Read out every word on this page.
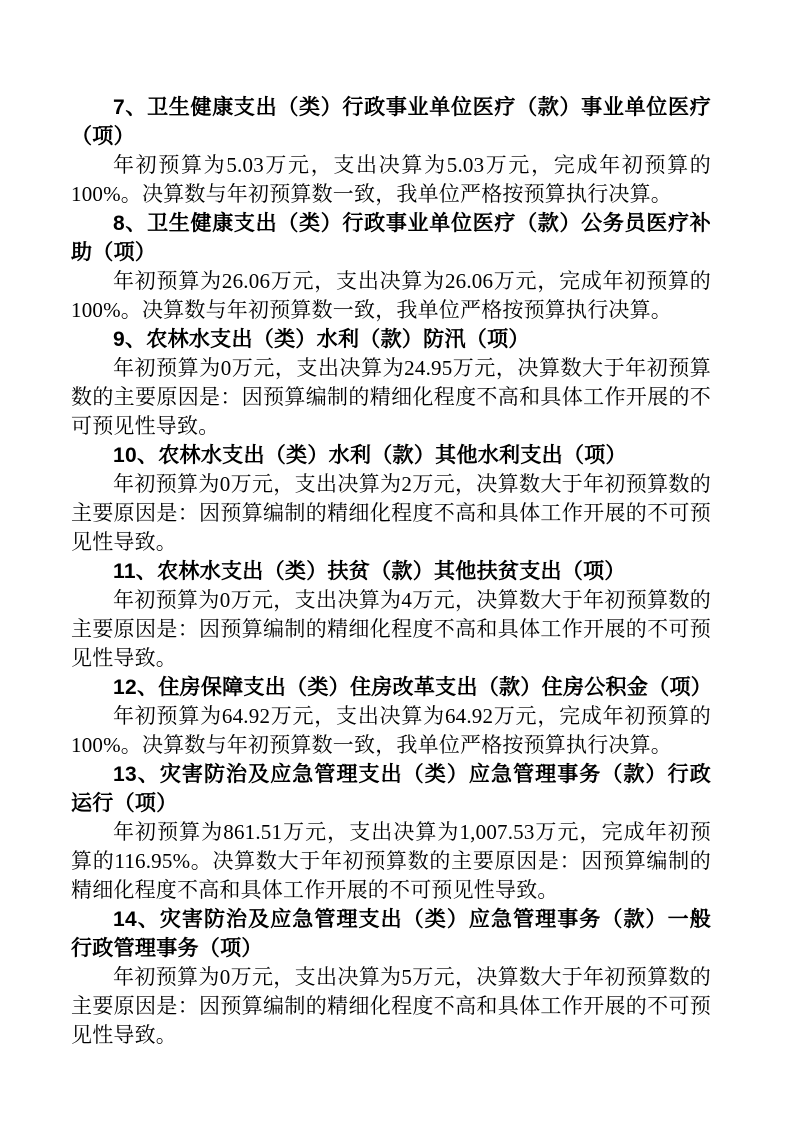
7、卫生健康支出（类）行政事业单位医疗（款）事业单位医疗（项）

年初预算为5.03万元，支出决算为5.03万元，完成年初预算的100%。决算数与年初预算数一致，我单位严格按预算执行决算。

8、卫生健康支出（类）行政事业单位医疗（款）公务员医疗补助（项）

年初预算为26.06万元，支出决算为26.06万元，完成年初预算的100%。决算数与年初预算数一致，我单位严格按预算执行决算。

9、农林水支出（类）水利（款）防汛（项）

年初预算为0万元，支出决算为24.95万元，决算数大于年初预算数的主要原因是：因预算编制的精细化程度不高和具体工作开展的不可预见性导致。

10、农林水支出（类）水利（款）其他水利支出（项）

年初预算为0万元，支出决算为2万元，决算数大于年初预算数的主要原因是：因预算编制的精细化程度不高和具体工作开展的不可预见性导致。

11、农林水支出（类）扶贫（款）其他扶贫支出（项）

年初预算为0万元，支出决算为4万元，决算数大于年初预算数的主要原因是：因预算编制的精细化程度不高和具体工作开展的不可预见性导致。

12、住房保障支出（类）住房改革支出（款）住房公积金（项）

年初预算为64.92万元，支出决算为64.92万元，完成年初预算的100%。决算数与年初预算数一致，我单位严格按预算执行决算。

13、灾害防治及应急管理支出（类）应急管理事务（款）行政运行（项）

年初预算为861.51万元，支出决算为1,007.53万元，完成年初预算的116.95%。决算数大于年初预算数的主要原因是：因预算编制的精细化程度不高和具体工作开展的不可预见性导致。

14、灾害防治及应急管理支出（类）应急管理事务（款）一般行政管理事务（项）

年初预算为0万元，支出决算为5万元，决算数大于年初预算数的主要原因是：因预算编制的精细化程度不高和具体工作开展的不可预见性导致。
